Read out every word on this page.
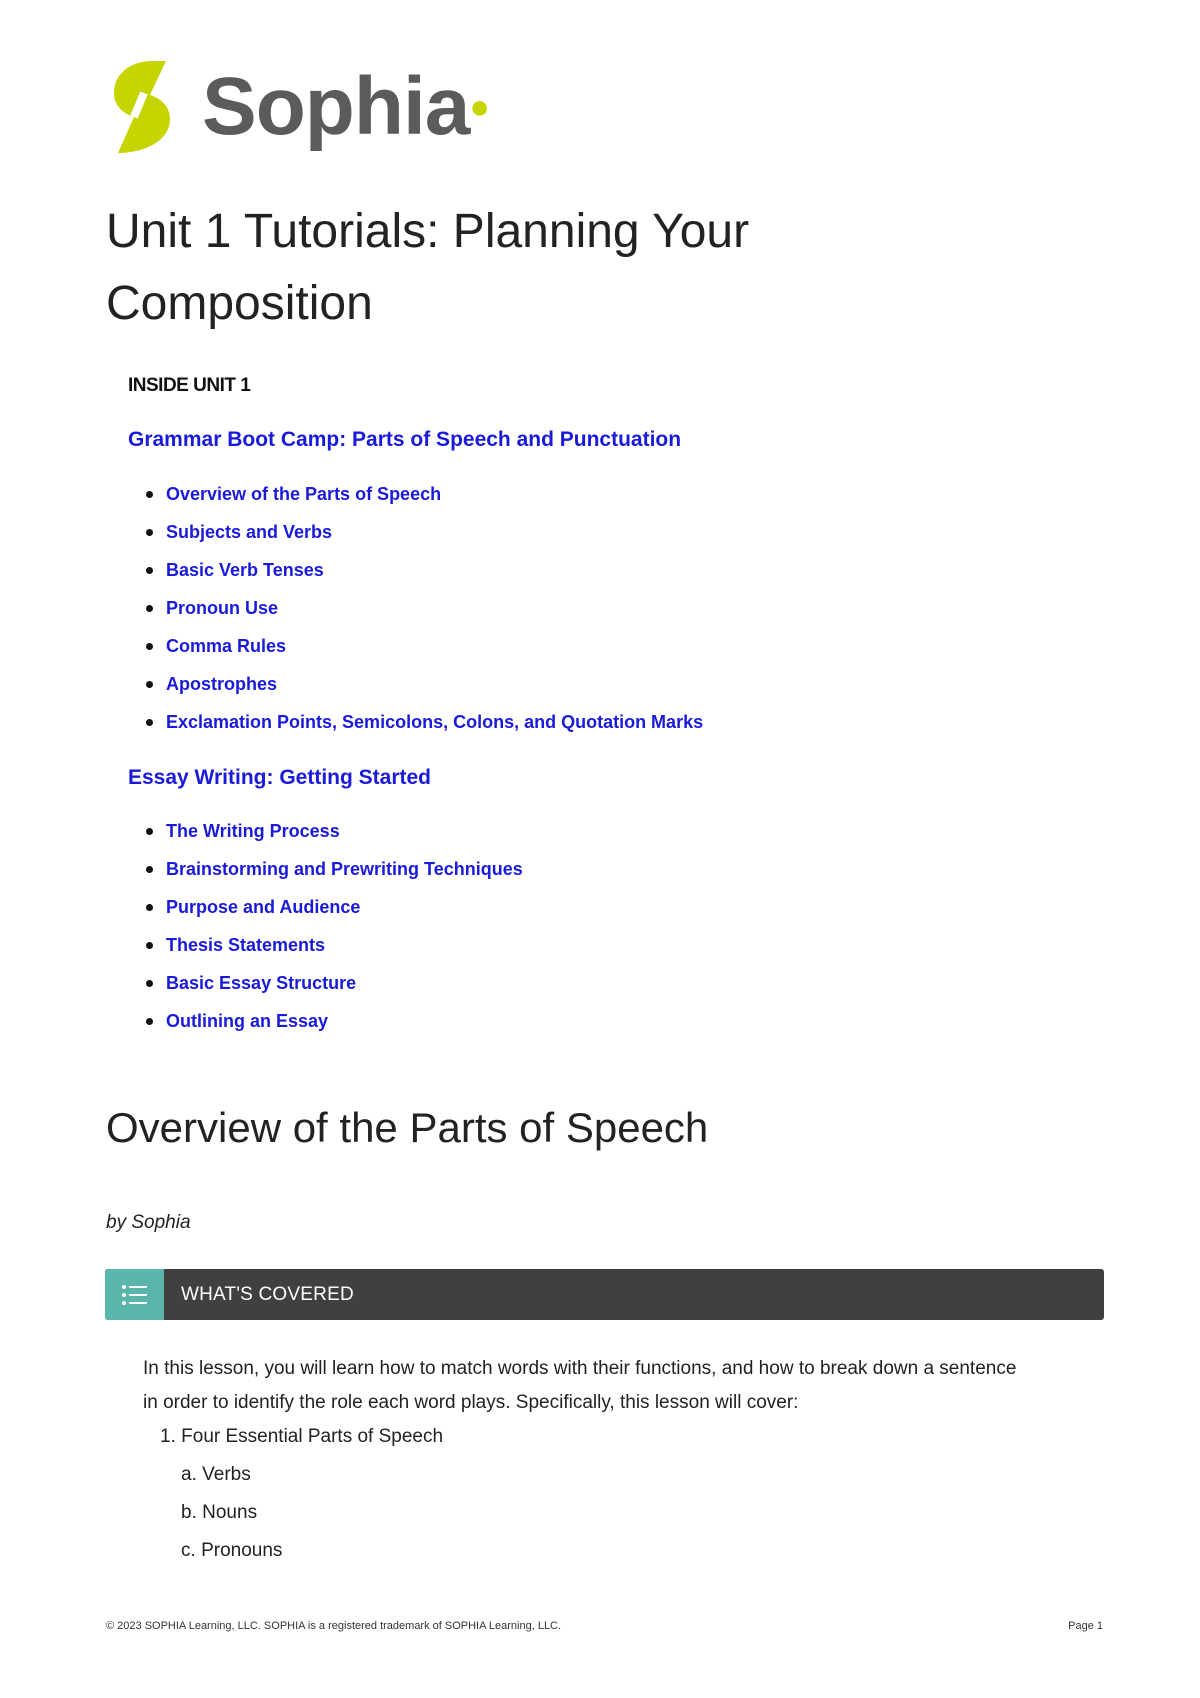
Sophia ●
Unit 1 Tutorials: Planning Your Composition
INSIDE UNIT 1
Grammar Boot Camp: Parts of Speech and Punctuation
Overview of the Parts of Speech
Subjects and Verbs
Basic Verb Tenses
Pronoun Use
Comma Rules
Apostrophes
Exclamation Points, Semicolons, Colons, and Quotation Marks
Essay Writing: Getting Started
The Writing Process
Brainstorming and Prewriting Techniques
Purpose and Audience
Thesis Statements
Basic Essay Structure
Outlining an Essay
Overview of the Parts of Speech
by Sophia
WHAT'S COVERED
In this lesson, you will learn how to match words with their functions, and how to break down a sentence in order to identify the role each word plays. Specifically, this lesson will cover:
1. Four Essential Parts of Speech
a. Verbs
b. Nouns
c. Pronouns
© 2023 SOPHIA Learning, LLC. SOPHIA is a registered trademark of SOPHIA Learning, LLC.	Page 1
